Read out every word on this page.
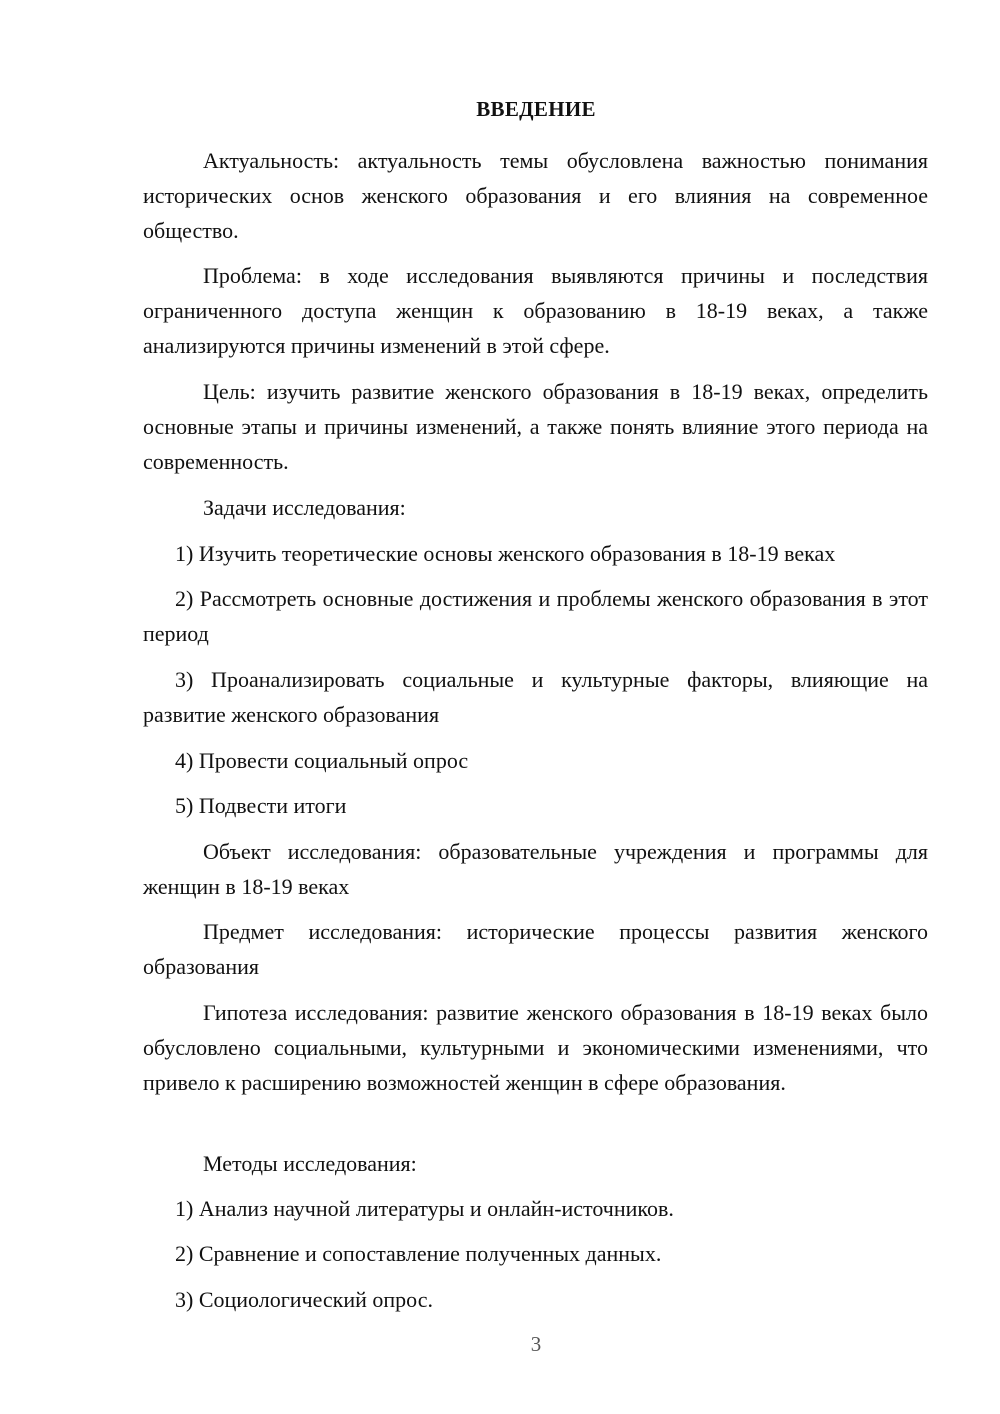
ВВЕДЕНИЕ

Актуальность: актуальность темы обусловлена важностью понимания исторических основ женского образования и его влияния на современное общество.

Проблема: в ходе исследования выявляются причины и последствия ограниченного доступа женщин к образованию в 18-19 веках, а также анализируются причины изменений в этой сфере.

Цель: изучить развитие женского образования в 18-19 веках, определить основные этапы и причины изменений, а также понять влияние этого периода на современность.

Задачи исследования:

1) Изучить теоретические основы женского образования в 18-19 веках

2) Рассмотреть основные достижения и проблемы женского образования в этот период

3) Проанализировать социальные и культурные факторы, влияющие на развитие женского образования

4) Провести социальный опрос

5) Подвести итоги

Объект исследования: образовательные учреждения и программы для женщин в 18-19 веках

Предмет исследования: исторические процессы развития женского образования

Гипотеза исследования: развитие женского образования в 18-19 веках было обусловлено социальными, культурными и экономическими изменениями, что привело к расширению возможностей женщин в сфере образования.

Методы исследования:

1) Анализ научной литературы и онлайн-источников.

2) Сравнение и сопоставление полученных данных.

3) Социологический опрос.

3
